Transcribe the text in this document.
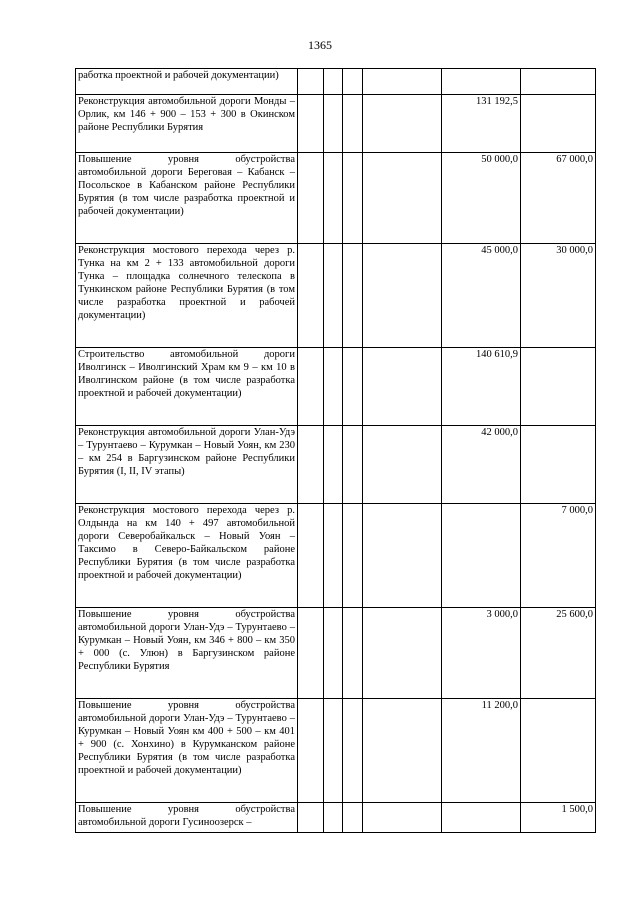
1365
работка проектной и рабочей документации)						
Реконструкция автомобильной дороги Монды – Орлик, км 146 + 900 – 153 + 300 в Окинском районе Республики Бурятия					131 192,5	
Повышение уровня обустройства автомобильной дороги Береговая – Кабанск – Посольское в Кабанском районе Республики Бурятия (в том числе разработка проектной и рабочей документации)					50 000,0	67 000,0
Реконструкция мостового перехода через р. Тунка на км 2 + 133 автомобильной дороги Тунка – площадка солнечного телескопа в Тункинском районе Республики Бурятия (в том числе разработка проектной и рабочей документации)					45 000,0	30 000,0
Строительство автомобильной дороги Иволгинск – Иволгинский Храм км 9 – км 10 в Иволгинском районе (в том числе разработка проектной и рабочей документации)					140 610,9	
Реконструкция автомобильной дороги Улан-Удэ – Турунтаево – Курумкан – Новый Уоян, км 230 – км 254 в Баргузинском районе Республики Бурятия (I, II, IV этапы)					42 000,0	
Реконструкция мостового перехода через р. Олдында на км 140 + 497 автомобильной дороги Северобайкальск – Новый Уоян – Таксимо в Северо-Байкальском районе Республики Бурятия (в том числе разработка проектной и рабочей документации)						7 000,0
Повышение уровня обустройства автомобильной дороги Улан-Удэ – Турунтаево – Курумкан – Новый Уоян, км 346 + 800 – км 350 + 000 (с. Улюн) в Баргузинском районе Республики Бурятия					3 000,0	25 600,0
Повышение уровня обустройства автомобильной дороги Улан-Удэ – Турунтаево – Курумкан – Новый Уоян км 400 + 500 – км 401 + 900 (с. Хонхино) в Курумканском районе Республики Бурятия (в том числе разработка проектной и рабочей документации)					11 200,0	
Повышение уровня обустройства автомобильной дороги Гусиноозерск –						1 500,0
